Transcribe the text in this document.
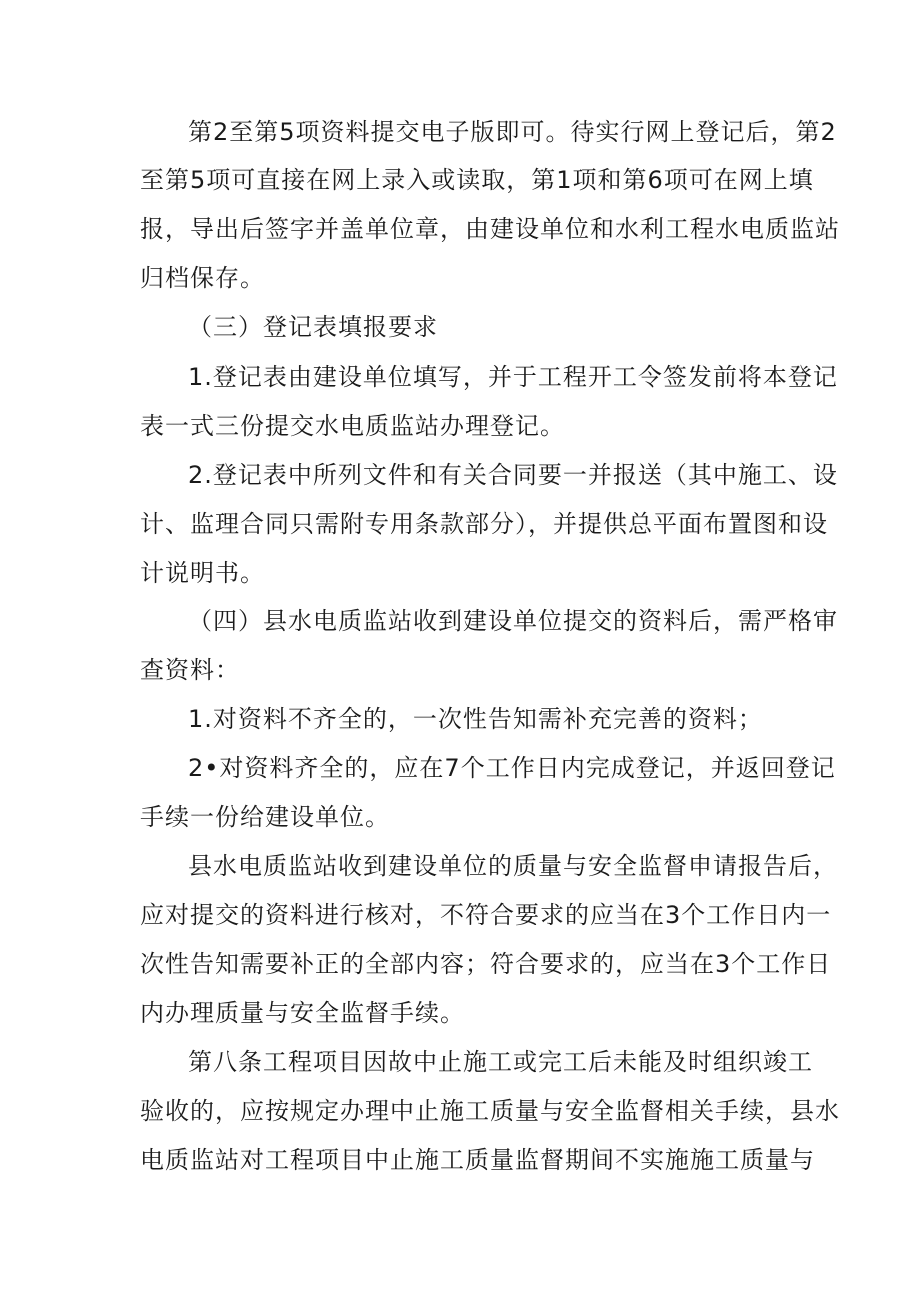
第2至第5项资料提交电子版即可。待实行网上登记后，第2
至第5项可直接在网上录入或读取，第1项和第6项可在网上填
报，导出后签字并盖单位章，由建设单位和水利工程水电质监站
归档保存。
（三）登记表填报要求
1.登记表由建设单位填写，并于工程开工令签发前将本登记
表一式三份提交水电质监站办理登记。
2.登记表中所列文件和有关合同要一并报送（其中施工、设
计、监理合同只需附专用条款部分），并提供总平面布置图和设
计说明书。
（四）县水电质监站收到建设单位提交的资料后，需严格审
查资料：
1.对资料不齐全的，一次性告知需补充完善的资料；
2•对资料齐全的，应在7个工作日内完成登记，并返回登记
手续一份给建设单位。
县水电质监站收到建设单位的质量与安全监督申请报告后，
应对提交的资料进行核对，不符合要求的应当在3个工作日内一
次性告知需要补正的全部内容；符合要求的，应当在3个工作日
内办理质量与安全监督手续。
第八条工程项目因故中止施工或完工后未能及时组织竣工
验收的，应按规定办理中止施工质量与安全监督相关手续，县水
电质监站对工程项目中止施工质量监督期间不实施施工质量与
